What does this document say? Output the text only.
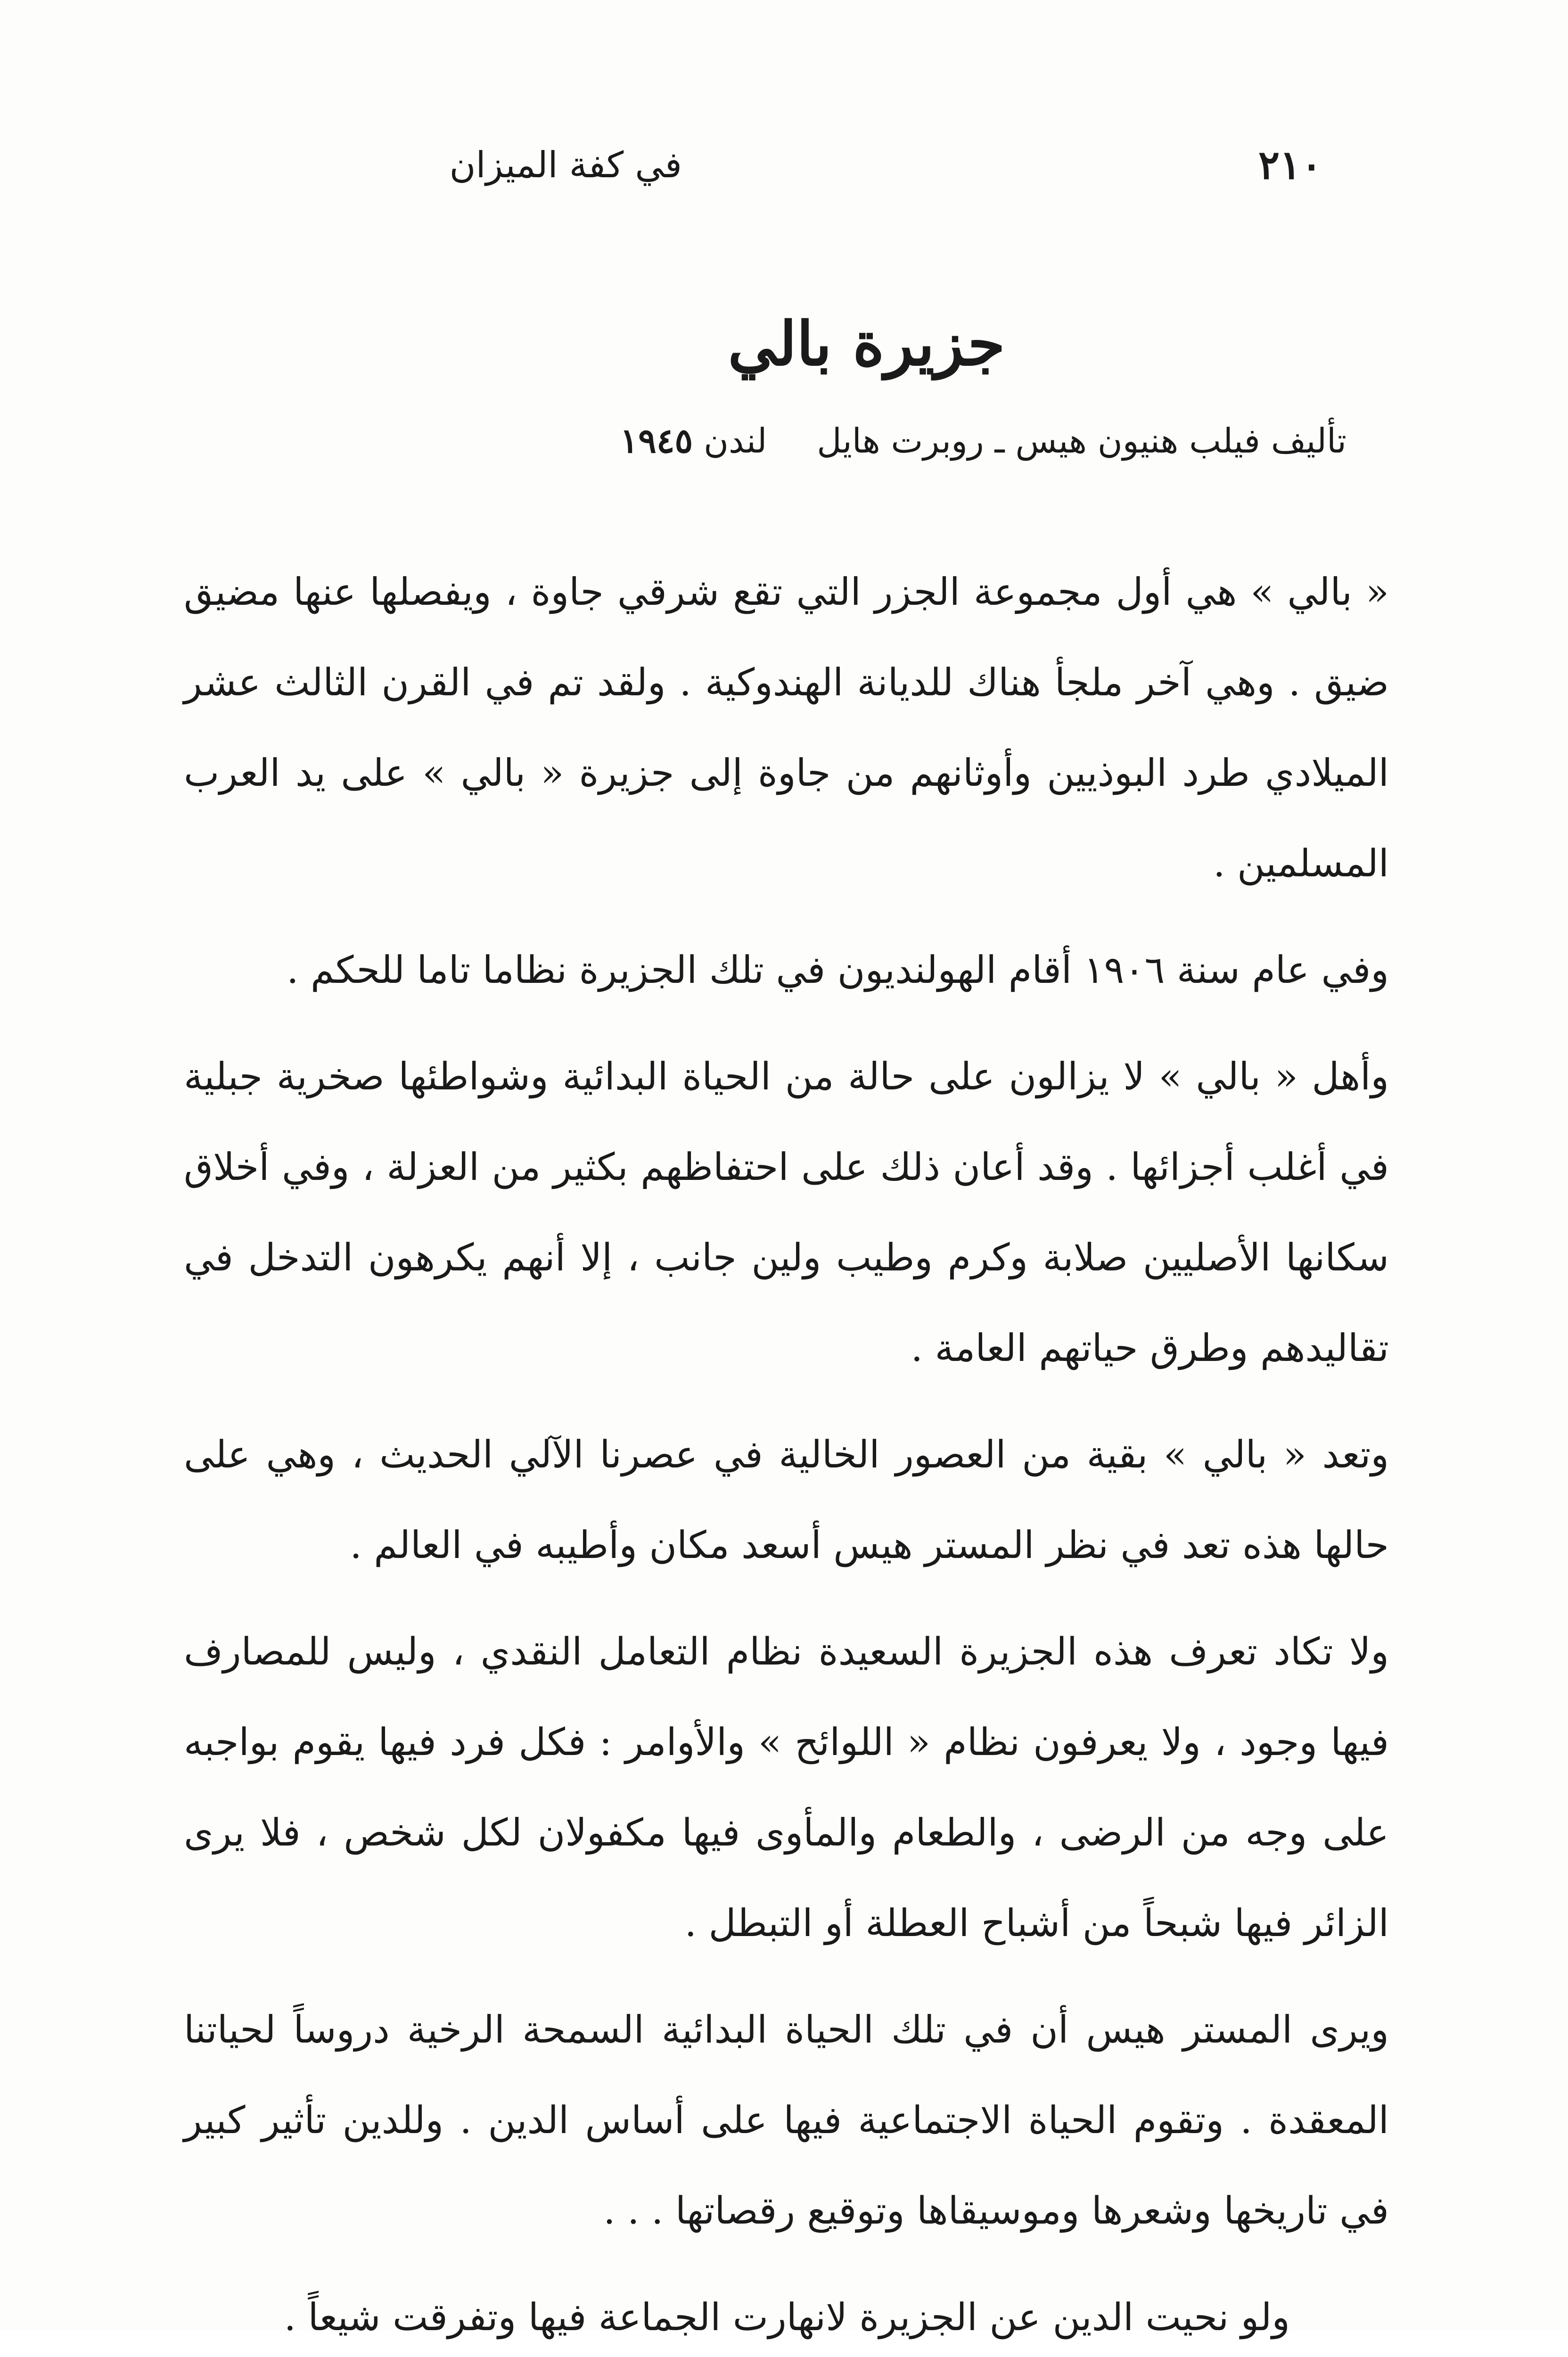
في كفة الميزان	٢١٠
جزيرة بالي
تأليف فيلب هنيون هيس ـ روبرت هايل  لندن ١٩٤٥

« بالي » هي أول مجموعة الجزر التي تقع شرقي جاوة ، ويفصلها عنها مضيق ضيق . وهي آخر ملجأ هناك للديانة الهندوكية . ولقد تم في القرن الثالث عشر الميلادي طرد البوذيين وأوثانهم من جاوة إلى جزيرة « بالي » على يد العرب المسلمين .

وفي عام سنة ١٩٠٦ أقام الهولنديون في تلك الجزيرة نظاما تاما للحكم .

وأهل « بالي » لا يزالون على حالة من الحياة البدائية وشواطئها صخرية جبلية في أغلب أجزائها . وقد أعان ذلك على احتفاظهم بكثير من العزلة ، وفي أخلاق سكانها الأصليين صلابة وكرم وطيب ولين جانب ، إلا أنهم يكرهون التدخل في تقاليدهم وطرق حياتهم العامة .

وتعد « بالي » بقية من العصور الخالية في عصرنا الآلي الحديث ، وهي على حالها هذه تعد في نظر المستر هيس أسعد مكان وأطيبه في العالم .

ولا تكاد تعرف هذه الجزيرة السعيدة نظام التعامل النقدي ، وليس للمصارف فيها وجود ، ولا يعرفون نظام « اللوائح » والأوامر : فكل فرد فيها يقوم بواجبه على وجه من الرضى ، والطعام والمأوى فيها مكفولان لكل شخص ، فلا يرى الزائر فيها شبحاً من أشباح العطلة أو التبطل .

ويرى المستر هيس أن في تلك الحياة البدائية السمحة الرخية دروساً لحياتنا المعقدة . وتقوم الحياة الاجتماعية فيها على أساس الدين . وللدين تأثير كبير في تاريخها وشعرها وموسيقاها وتوقيع رقصاتها . . .

ولو نحيت الدين عن الجزيرة لانهارت الجماعة فيها وتفرقت شيعاً .
